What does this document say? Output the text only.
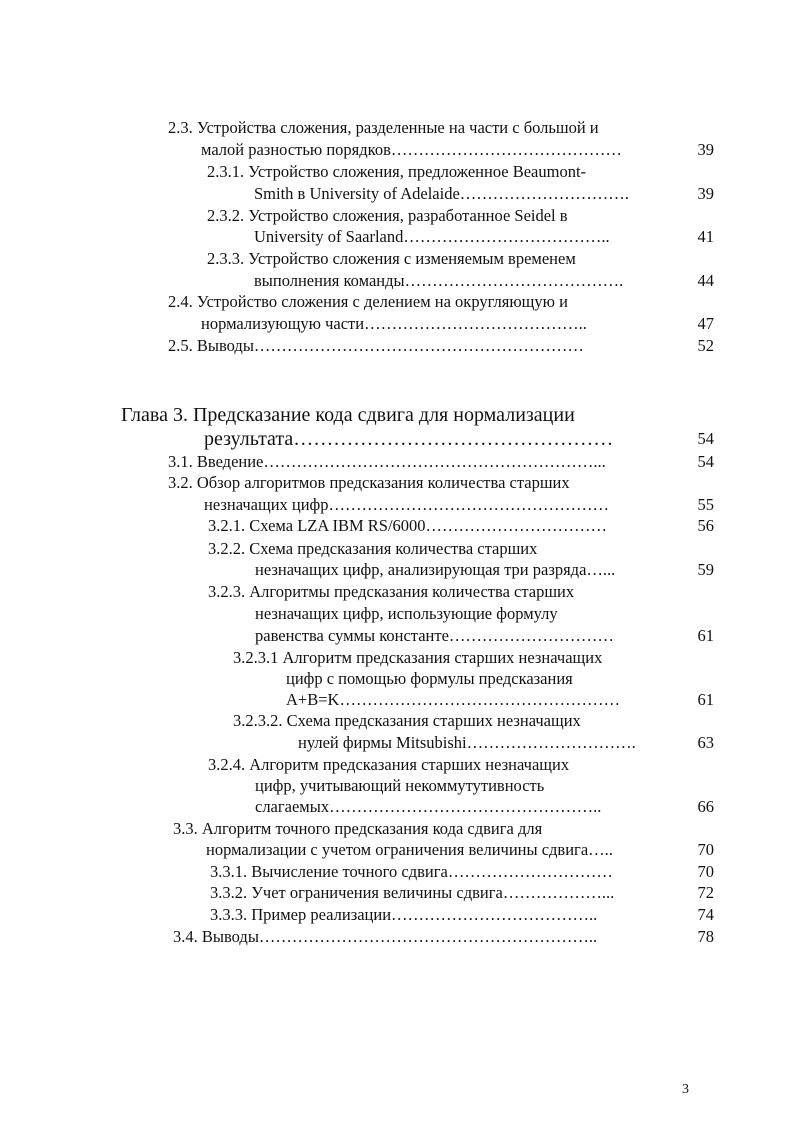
2.3. Устройства сложения, разделенные на части с большой и
малой разностью порядков……………………………………	39
2.3.1. Устройство сложения, предложенное Beaumont-
Smith в University of Adelaide………………………….	39
2.3.2. Устройство сложения, разработанное Seidel в
University of Saarland………………………………..	41
2.3.3. Устройство сложения с изменяемым временем
выполнения команды………………………………….	44
2.4. Устройство сложения с делением на округляющую и
нормализующую части…………………………………..	47
2.5. Выводы……………………………………………………	52
Глава 3. Предсказание кода сдвига для нормализации
результата…………………………………………	54
3.1. Введение……………………………………………………...	54
3.2. Обзор алгоритмов предсказания количества старших
незначащих цифр……………………………………………	55
3.2.1. Схема LZA IBM RS/6000……………………………	56
3.2.2. Схема предсказания количества старших
незначащих цифр, анализирующая три разряда…...	59
3.2.3. Алгоритмы предсказания количества старших
незначащих цифр, использующие формулу
равенства суммы константе…………………………	61
3.2.3.1 Алгоритм предсказания старших незначащих
цифр с помощью формулы предсказания
A+B=K……………………………………………	61
3.2.3.2. Схема предсказания старших незначащих
нулей фирмы Mitsubishi………………………….	63
3.2.4. Алгоритм предсказания старших незначащих
цифр, учитывающий некоммутутивность
слагаемых…………………………………………..	66
3.3. Алгоритм точного предсказания кода сдвига для
нормализации с учетом ограничения величины сдвига…..	70
3.3.1. Вычисление точного сдвига…………………………	70
3.3.2. Учет ограничения величины сдвига………………...	72
3.3.3. Пример реализации………………………………..	74
3.4. Выводы……………………………………………………..	78
3
